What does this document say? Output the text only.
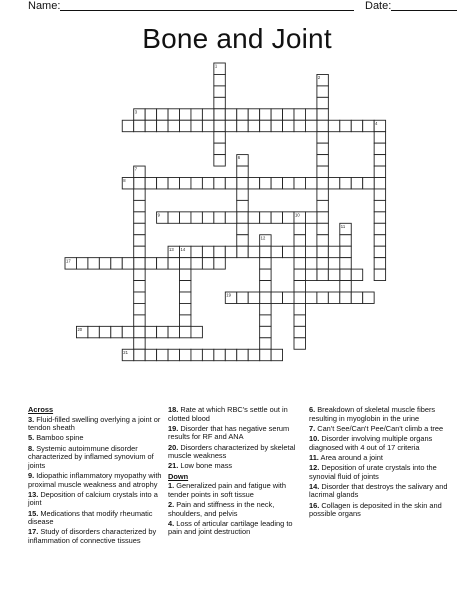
Name:	Date:
Bone and Joint
1
2
3
4
6
7
8
9	10
11
12
13 14
17
19
20
21

Across

3. Fluid-filled swelling overlying a joint or tendon sheath

5. Bamboo spine

8. Systemic autoimmune disorder characterized by inflamed synovium of joints

9. Idiopathic inflammatory myopathy with proximal muscle weakness and atrophy

13. Deposition of calcium crystals into a joint

15. Medications that modify rheumatic disease

17. Study of disorders characterized by inflammation of connective tissues

18. Rate at which RBC's settle out in clotted blood

19. Disorder that has negative serum results for RF and ANA

20. Disorders characterized by skeletal muscle weakness

21. Low bone mass

Down

1. Generalized pain and fatigue with tender points in soft tissue

2. Pain and stiffness in the neck, shoulders, and pelvis

4. Loss of articular cartilage leading to pain and joint destruction

6. Breakdown of skeletal muscle fibers resulting in myoglobin in the urine

7. Can't See/Can't Pee/Can't climb a tree

10. Disorder involving multiple organs diagnosed with 4 out of 17 criteria

11. Area around a joint

12. Deposition of urate crystals into the synovial fluid of joints

14. Disorder that destroys the salivary and lacrimal glands

16. Collagen is deposited in the skin and possible organs
